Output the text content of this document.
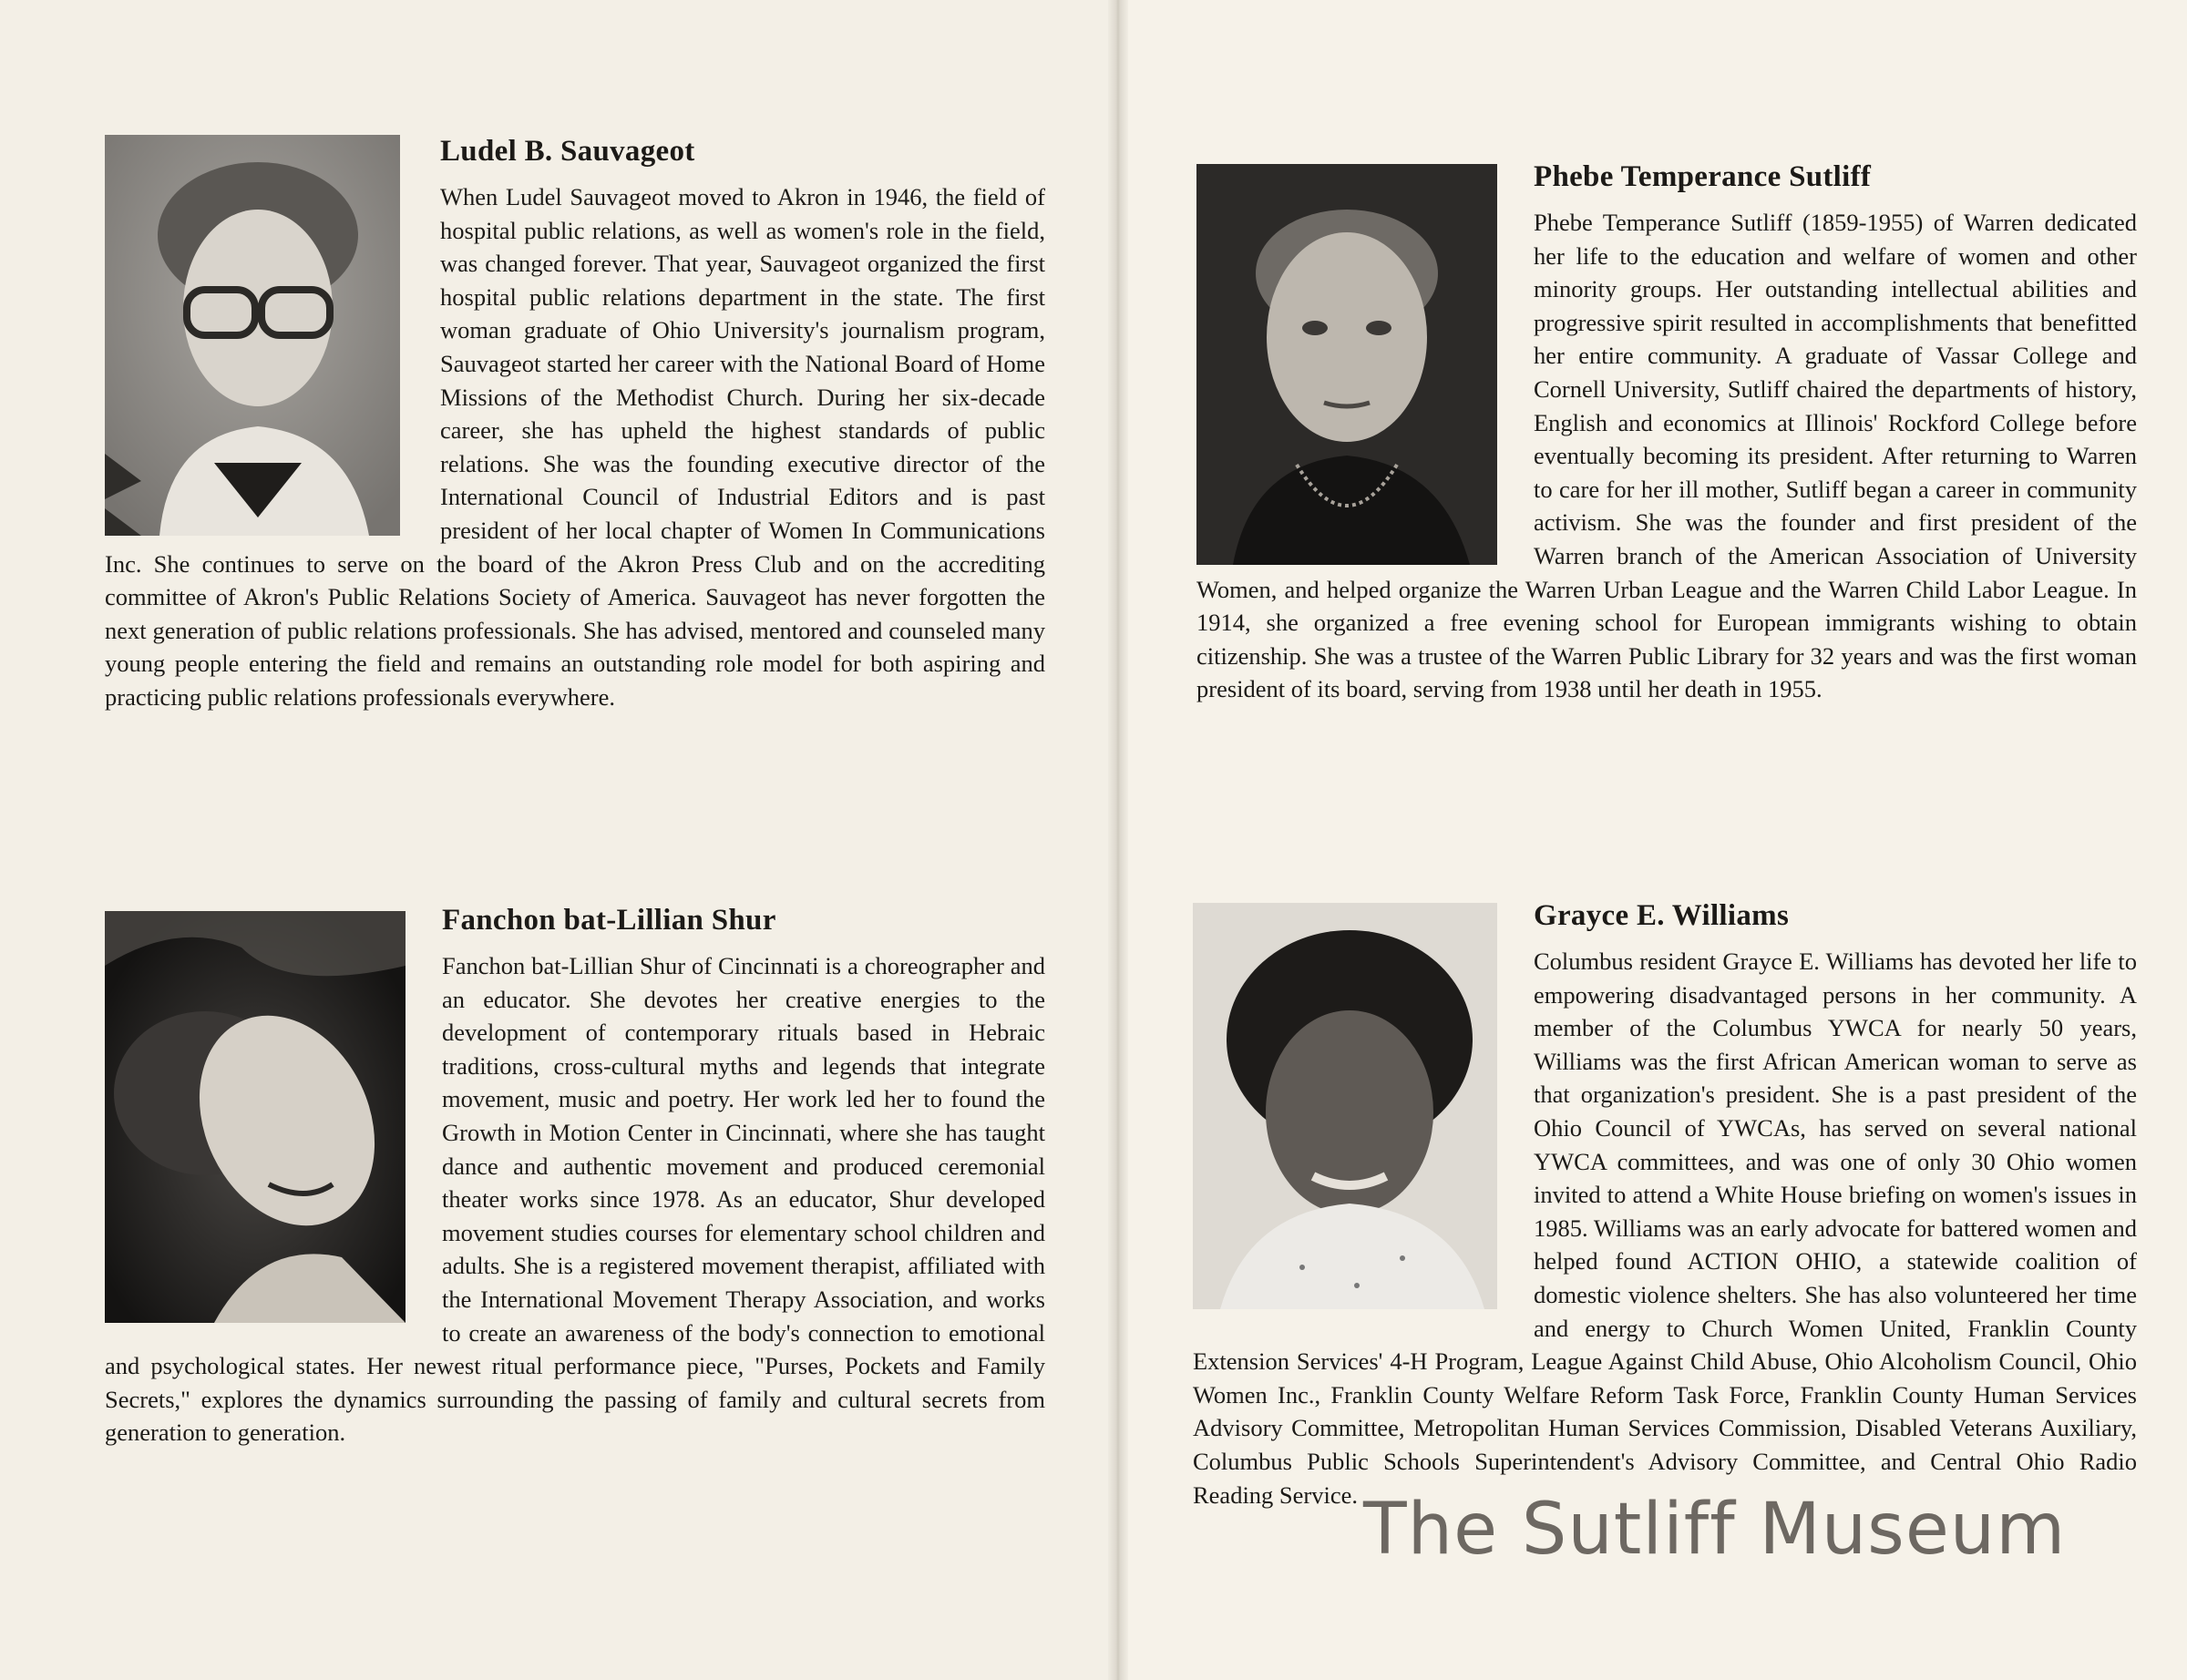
Ludel B. Sauvageot

When Ludel Sauvageot moved to Akron in 1946, the field of hospital public relations, as well as women's role in the field, was changed forever. That year, Sauvageot organized the first hospital public relations department in the state. The first woman graduate of Ohio University's journalism program, Sauvageot started her career with the National Board of Home Missions of the Methodist Church. During her six-decade career, she has upheld the highest standards of public relations. She was the founding executive director of the International Council of Industrial Editors and is past president of her local chapter of Women In Communications Inc. She continues to serve on the board of the Akron Press Club and on the accrediting committee of Akron's Public Relations Society of America. Sauvageot has never forgotten the next generation of public relations professionals. She has advised, mentored and counseled many young people entering the field and remains an outstanding role model for both aspiring and practicing public relations professionals everywhere.

Fanchon bat-Lillian Shur

Fanchon bat-Lillian Shur of Cincinnati is a choreographer and an educator. She devotes her creative energies to the development of contemporary rituals based in Hebraic traditions, cross-cultural myths and legends that integrate movement, music and poetry. Her work led her to found the Growth in Motion Center in Cincinnati, where she has taught dance and authentic movement and produced ceremonial theater works since 1978. As an educator, Shur developed movement studies courses for elementary school children and adults. She is a registered movement therapist, affiliated with the International Movement Therapy Association, and works to create an awareness of the body's connection to emotional and psychological states. Her newest ritual performance piece, "Purses, Pockets and Family Secrets," explores the dynamics surrounding the passing of family and cultural secrets from generation to generation.

Phebe Temperance Sutliff

Phebe Temperance Sutliff (1859-1955) of Warren dedicated her life to the education and welfare of women and other minority groups. Her outstanding intellectual abilities and progressive spirit resulted in accomplishments that benefitted her entire community. A graduate of Vassar College and Cornell University, Sutliff chaired the departments of history, English and economics at Illinois' Rockford College before eventually becoming its president. After returning to Warren to care for her ill mother, Sutliff began a career in community activism. She was the founder and first president of the Warren branch of the American Association of University Women, and helped organize the Warren Urban League and the Warren Child Labor League. In 1914, she organized a free evening school for European immigrants wishing to obtain citizenship. She was a trustee of the Warren Public Library for 32 years and was the first woman president of its board, serving from 1938 until her death in 1955.

Grayce E. Williams

Columbus resident Grayce E. Williams has devoted her life to empowering disadvantaged persons in her community. A member of the Columbus YWCA for nearly 50 years, Williams was the first African American woman to serve as that organization's president. She is a past president of the Ohio Council of YWCAs, has served on several national YWCA committees, and was one of only 30 Ohio women invited to attend a White House briefing on women's issues in 1985. Williams was an early advocate for battered women and helped found ACTION OHIO, a statewide coalition of domestic violence shelters. She has also volunteered her time and energy to Church Women United, Franklin County Extension Services' 4-H Program, League Against Child Abuse, Ohio Alcoholism Council, Ohio Women Inc., Franklin County Welfare Reform Task Force, Franklin County Human Services Advisory Committee, Metropolitan Human Services Commission, Disabled Veterans Auxiliary, Columbus Public Schools Superintendent's Advisory Committee, and Central Ohio Radio Reading Service. The Sutliff Museum
